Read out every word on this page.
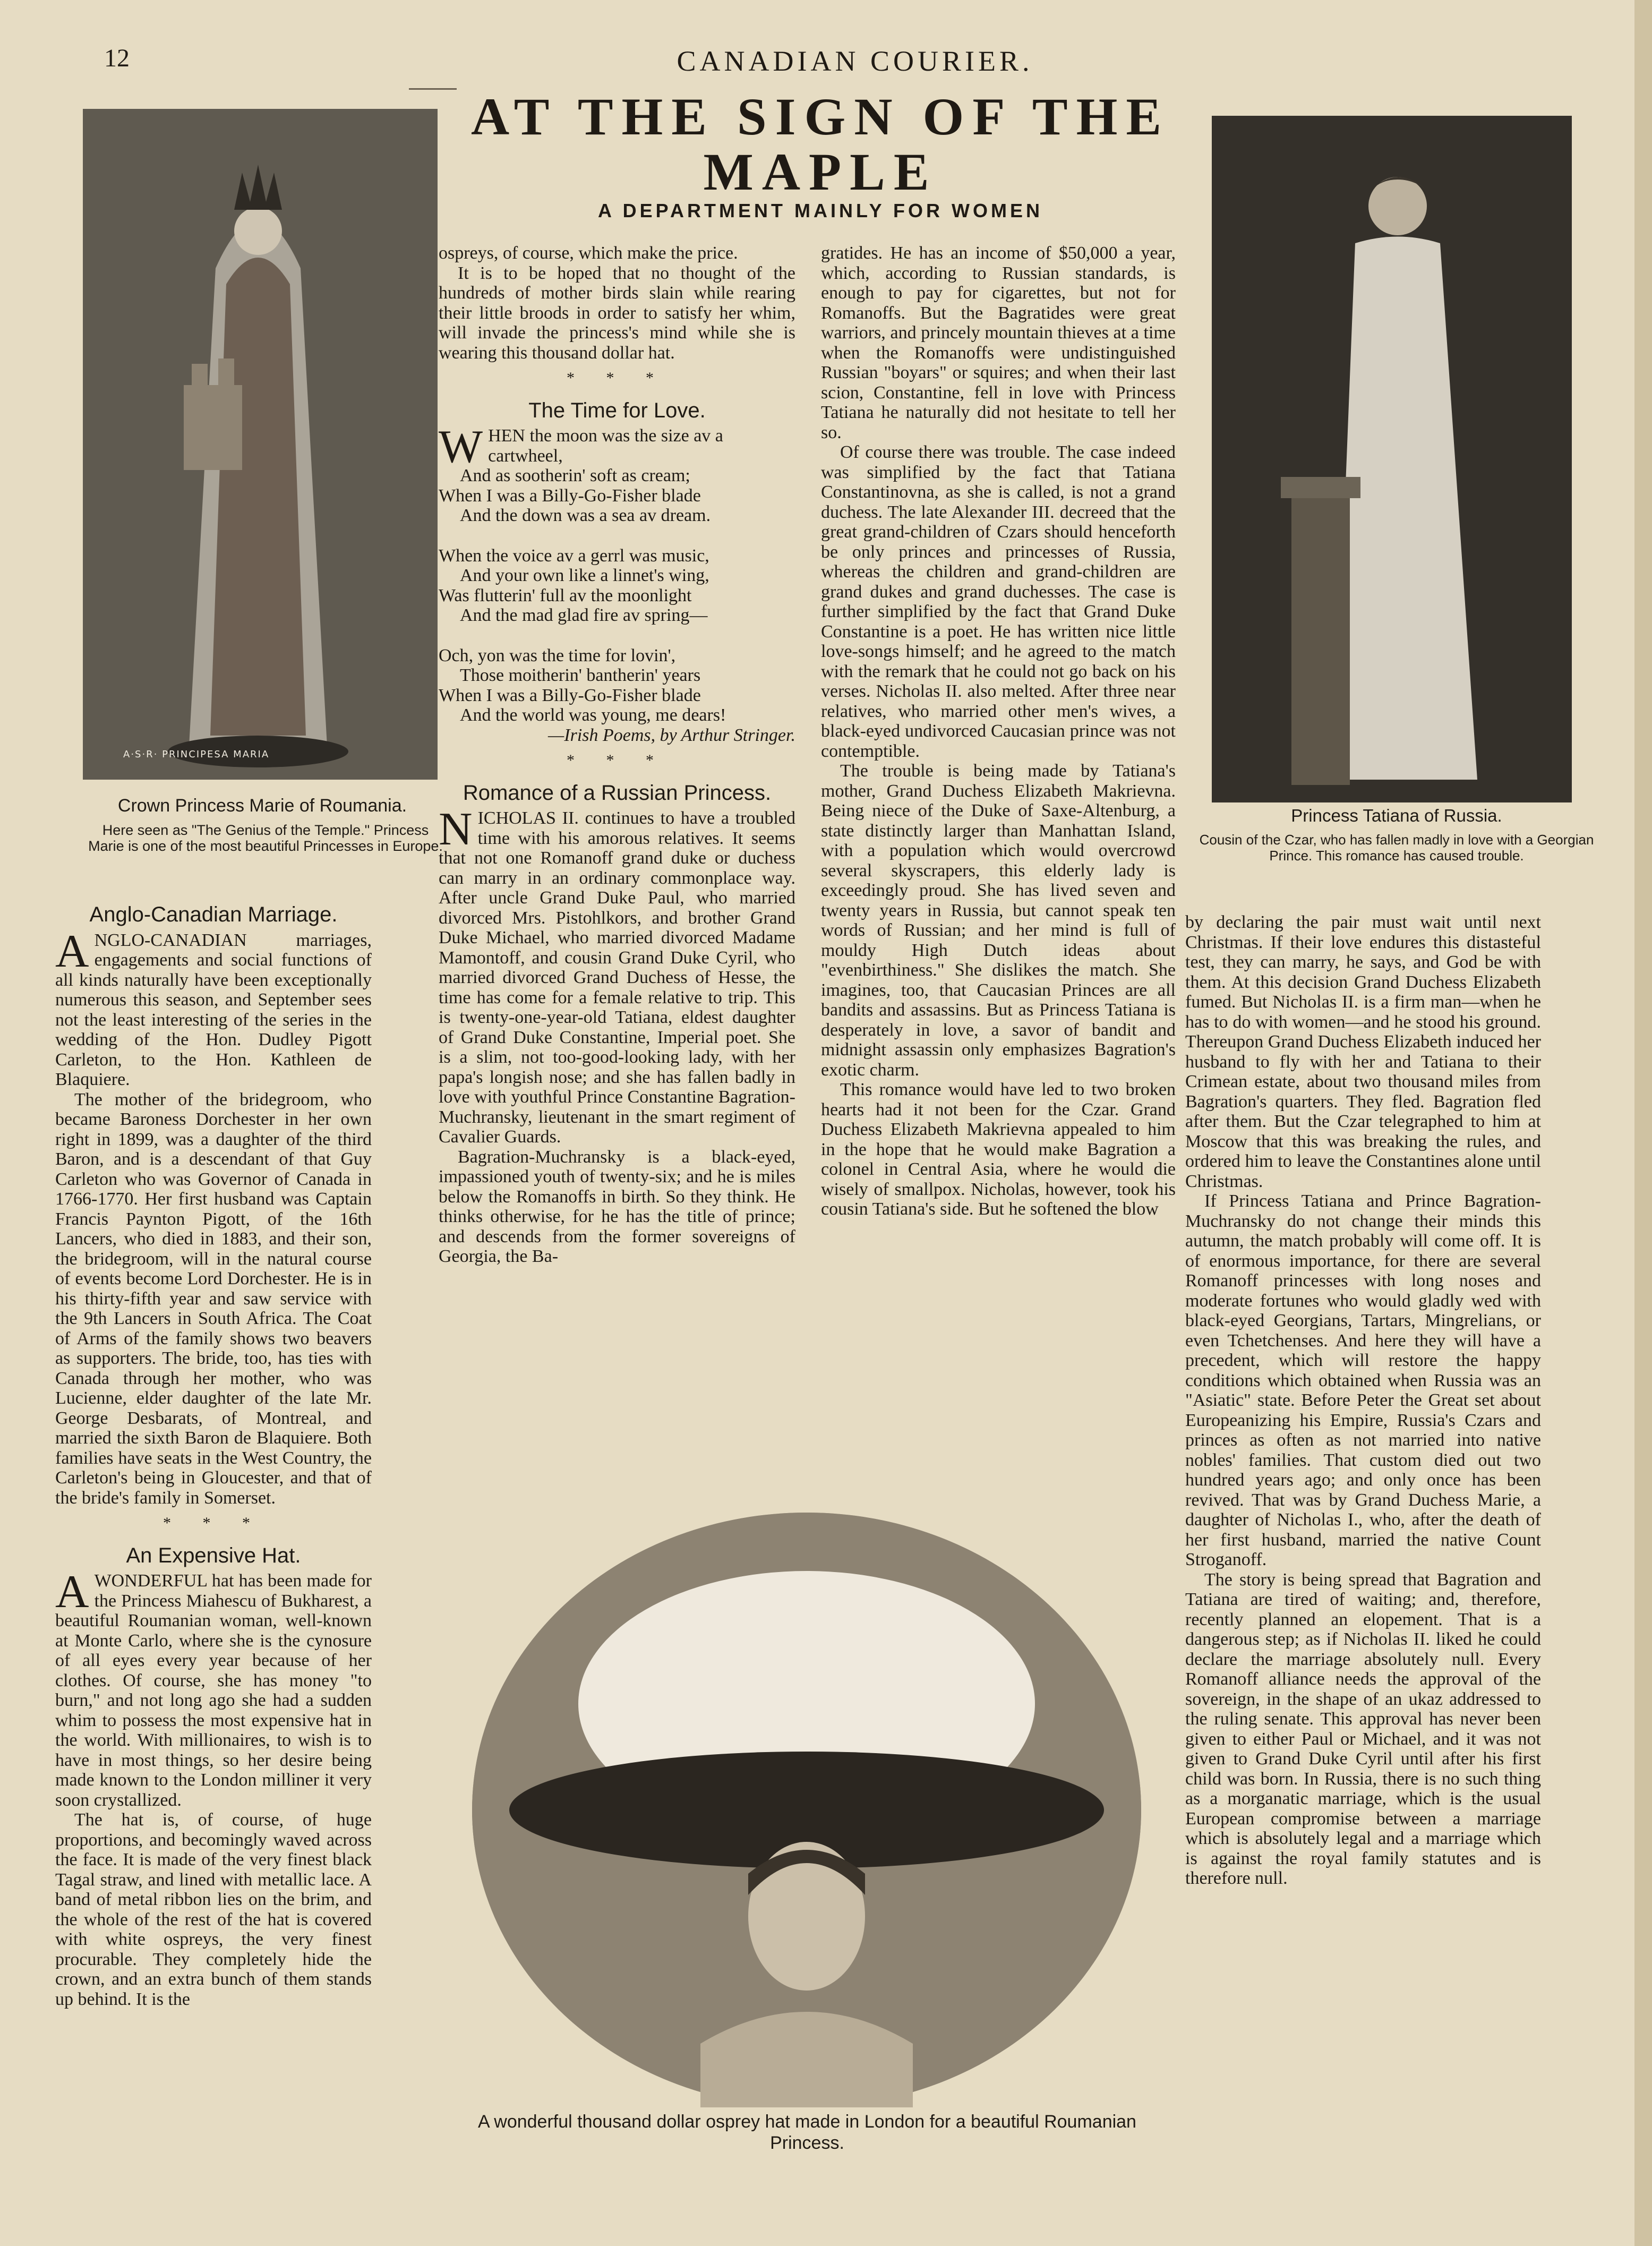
12	CANADIAN COURIER.
AT THE SIGN OF THE MAPLE
A DEPARTMENT MAINLY FOR WOMEN
A·S·R· PRINCIPESA MARIA
Crown Princess Marie of Roumania.
Here seen as "The Genius of the Temple." Princess Marie is one of the most beautiful Princesses in Europe.
Princess Tatiana of Russia.
Cousin of the Czar, who has fallen madly in love with a Georgian Prince. This romance has caused trouble.
A wonderful thousand dollar osprey hat made in London for a beautiful Roumanian Princess.
Anglo-Canadian Marriage.

ANGLO-CANADIAN marriages, engagements and social functions of all kinds naturally have been exceptionally numerous this season, and September sees not the least interesting of the series in the wedding of the Hon. Dudley Pigott Carleton, to the Hon. Kathleen de Blaquiere.

The mother of the bridegroom, who became Baroness Dorchester in her own right in 1899, was a daughter of the third Baron, and is a descendant of that Guy Carleton who was Governor of Canada in 1766-1770. Her first husband was Captain Francis Paynton Pigott, of the 16th Lancers, who died in 1883, and their son, the bridegroom, will in the natural course of events become Lord Dorchester. He is in his thirty-fifth year and saw service with the 9th Lancers in South Africa. The Coat of Arms of the family shows two beavers as supporters. The bride, too, has ties with Canada through her mother, who was Lucienne, elder daughter of the late Mr. George Desbarats, of Montreal, and married the sixth Baron de Blaquiere. Both families have seats in the West Country, the Carleton's being in Gloucester, and that of the bride's family in Somerset.

* * *
An Expensive Hat.

AWONDERFUL hat has been made for the Princess Miahescu of Bukharest, a beautiful Roumanian woman, well-known at Monte Carlo, where she is the cynosure of all eyes every year because of her clothes. Of course, she has money "to burn," and not long ago she had a sudden whim to possess the most expensive hat in the world. With millionaires, to wish is to have in most things, so her desire being made known to the London milliner it very soon crystallized.

The hat is, of course, of huge proportions, and becomingly waved across the face. It is made of the very finest black Tagal straw, and lined with metallic lace. A band of metal ribbon lies on the brim, and the whole of the rest of the hat is covered with white ospreys, the very finest procurable. They completely hide the crown, and an extra bunch of them stands up behind. It is the

ospreys, of course, which make the price.

It is to be hoped that no thought of the hundreds of mother birds slain while rearing their little broods in order to satisfy her whim, will invade the princess's mind while she is wearing this thousand dollar hat.

* * *
The Time for Love.

WHEN the moon was the size av a cartwheel,

And as sootherin' soft as cream;

When I was a Billy-Go-Fisher blade

And the down was a sea av dream.

When the voice av a gerrl was music,

And your own like a linnet's wing,

Was flutterin' full av the moonlight

And the mad glad fire av spring—

Och, yon was the time for lovin',

Those moitherin' bantherin' years

When I was a Billy-Go-Fisher blade

And the world was young, me dears!

—Irish Poems, by Arthur Stringer.

* * *
Romance of a Russian Princess.

NICHOLAS II. continues to have a troubled time with his amorous relatives. It seems that not one Romanoff grand duke or duchess can marry in an ordinary commonplace way. After uncle Grand Duke Paul, who married divorced Mrs. Pistohlkors, and brother Grand Duke Michael, who married divorced Madame Mamontoff, and cousin Grand Duke Cyril, who married divorced Grand Duchess of Hesse, the time has come for a female relative to trip. This is twenty-one-year-old Tatiana, eldest daughter of Grand Duke Constantine, Imperial poet. She is a slim, not too-good-looking lady, with her papa's longish nose; and she has fallen badly in love with youthful Prince Constantine Bagration-Muchransky, lieutenant in the smart regiment of Cavalier Guards.

Bagration-Muchransky is a black-eyed, impassioned youth of twenty-six; and he is miles below the Romanoffs in birth. So they think. He thinks otherwise, for he has the title of prince; and descends from the former sovereigns of Georgia, the Ba-

gratides. He has an income of $50,000 a year, which, according to Russian standards, is enough to pay for cigarettes, but not for Romanoffs. But the Bagratides were great warriors, and princely mountain thieves at a time when the Romanoffs were undistinguished Russian "boyars" or squires; and when their last scion, Constantine, fell in love with Princess Tatiana he naturally did not hesitate to tell her so.

Of course there was trouble. The case indeed was simplified by the fact that Tatiana Constantinovna, as she is called, is not a grand duchess. The late Alexander III. decreed that the great grand-children of Czars should henceforth be only princes and princesses of Russia, whereas the children and grand-children are grand dukes and grand duchesses. The case is further simplified by the fact that Grand Duke Constantine is a poet. He has written nice little love-songs himself; and he agreed to the match with the remark that he could not go back on his verses. Nicholas II. also melted. After three near relatives, who married other men's wives, a black-eyed undivorced Caucasian prince was not contemptible.

The trouble is being made by Tatiana's mother, Grand Duchess Elizabeth Makrievna. Being niece of the Duke of Saxe-Altenburg, a state distinctly larger than Manhattan Island, with a population which would overcrowd several skyscrapers, this elderly lady is exceedingly proud. She has lived seven and twenty years in Russia, but cannot speak ten words of Russian; and her mind is full of mouldy High Dutch ideas about "evenbirthiness." She dislikes the match. She imagines, too, that Caucasian Princes are all bandits and assassins. But as Princess Tatiana is desperately in love, a savor of bandit and midnight assassin only emphasizes Bagration's exotic charm.

This romance would have led to two broken hearts had it not been for the Czar. Grand Duchess Elizabeth Makrievna appealed to him in the hope that he would make Bagration a colonel in Central Asia, where he would die wisely of smallpox. Nicholas, however, took his cousin Tatiana's side. But he softened the blow

by declaring the pair must wait until next Christmas. If their love endures this distasteful test, they can marry, he says, and God be with them. At this decision Grand Duchess Elizabeth fumed. But Nicholas II. is a firm man—when he has to do with women—and he stood his ground. Thereupon Grand Duchess Elizabeth induced her husband to fly with her and Tatiana to their Crimean estate, about two thousand miles from Bagration's quarters. They fled. Bagration fled after them. But the Czar telegraphed to him at Moscow that this was breaking the rules, and ordered him to leave the Constantines alone until Christmas.

If Princess Tatiana and Prince Bagration-Muchransky do not change their minds this autumn, the match probably will come off. It is of enormous importance, for there are several Romanoff princesses with long noses and moderate fortunes who would gladly wed with black-eyed Georgians, Tartars, Mingrelians, or even Tchetchenses. And here they will have a precedent, which will restore the happy conditions which obtained when Russia was an "Asiatic" state. Before Peter the Great set about Europeanizing his Empire, Russia's Czars and princes as often as not married into native nobles' families. That custom died out two hundred years ago; and only once has been revived. That was by Grand Duchess Marie, a daughter of Nicholas I., who, after the death of her first husband, married the native Count Stroganoff.

The story is being spread that Bagration and Tatiana are tired of waiting; and, therefore, recently planned an elopement. That is a dangerous step; as if Nicholas II. liked he could declare the marriage absolutely null. Every Romanoff alliance needs the approval of the sovereign, in the shape of an ukaz addressed to the ruling senate. This approval has never been given to either Paul or Michael, and it was not given to Grand Duke Cyril until after his first child was born. In Russia, there is no such thing as a morganatic marriage, which is the usual European compromise between a marriage which is absolutely legal and a marriage which is against the royal family statutes and is therefore null.
